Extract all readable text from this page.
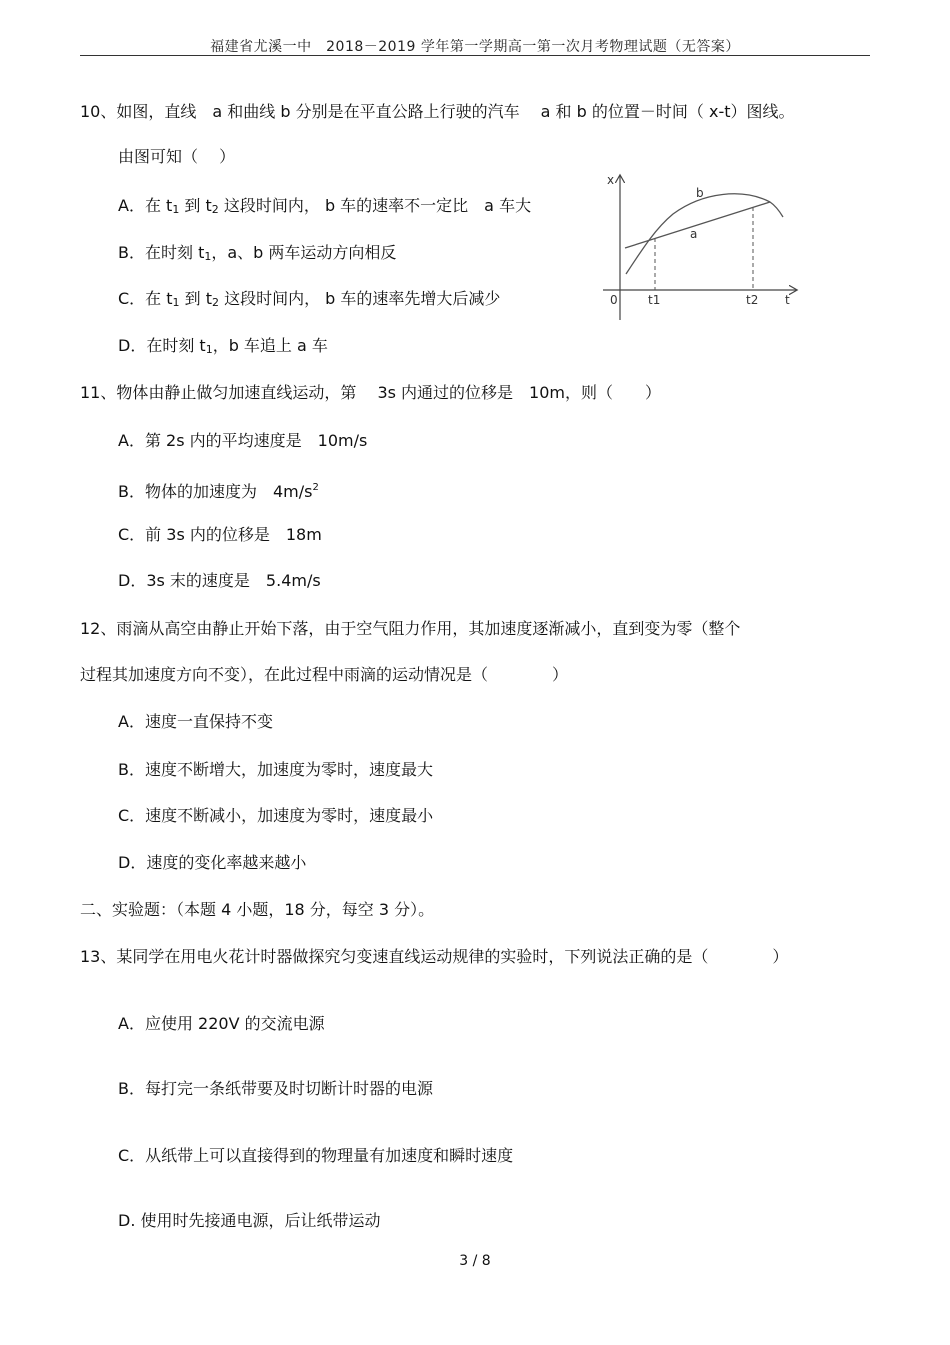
福建省尤溪一中　2018－2019 学年第一学期高一第一次月考物理试题（无答案）
10、如图，直线　a 和曲线 b 分别是在平直公路上行驶的汽车　 a 和 b 的位置－时间（ x-t）图线。
由图可知（　 ）
A．在 $t_1$ 到 $t_2$ 这段时间内， b 车的速率不一定比　a 车大
B．在时刻 $t_1$，a、b 两车运动方向相反
C．在 $t_1$ 到 $t_2$ 这段时间内， b 车的速率先增大后减少
D．在时刻 $t_1$，b 车追上 a 车
x
t
0
b
a
t1	t2
11、物体由静止做匀加速直线运动，第　 3s 内通过的位移是　10m，则（　　）
A．第 2s 内的平均速度是　10m/s
B．物体的加速度为　$4m/s^2$
C．前 3s 内的位移是　18m
D．3s 末的速度是　5.4m/s
12、雨滴从高空由静止开始下落，由于空气阻力作用，其加速度逐渐减小，直到变为零（整个
过程其加速度方向不变），在此过程中雨滴的运动情况是（　　　　）
A．速度一直保持不变
B．速度不断增大，加速度为零时，速度最大
C．速度不断减小，加速度为零时，速度最小
D．速度的变化率越来越小
二、实验题：（本题 4 小题，18 分，每空 3 分）。
13、某同学在用电火花计时器做探究匀变速直线运动规律的实验时，下列说法正确的是（　　　　）
A．应使用 220V 的交流电源
B．每打完一条纸带要及时切断计时器的电源
C．从纸带上可以直接得到的物理量有加速度和瞬时速度
D. 使用时先接通电源，后让纸带运动
3 / 8
